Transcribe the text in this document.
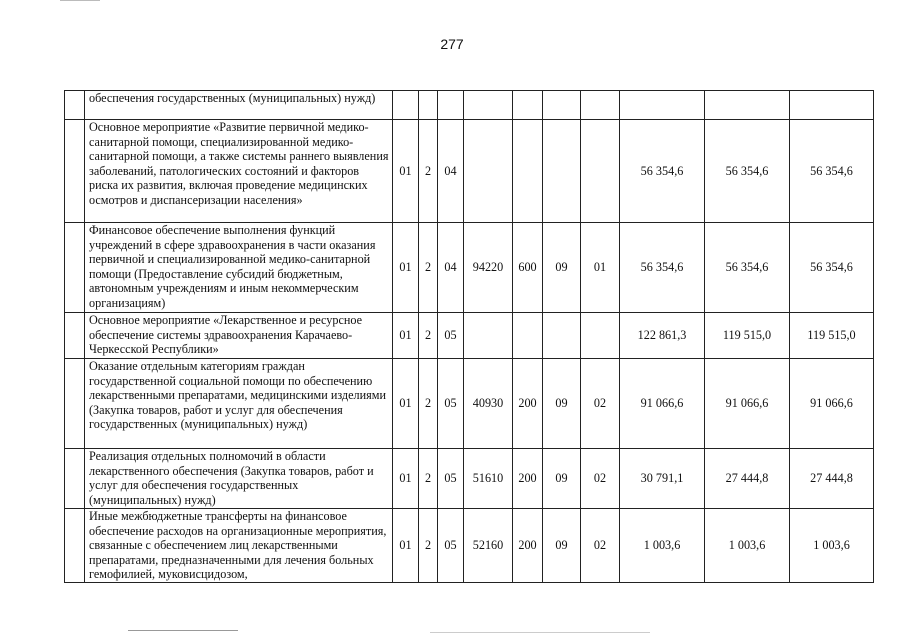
277

	обеспечения государственных (муниципальных) нужд)										

	Основное мероприятие «Развитие первичной медико-санитарной помощи, специализированной медико-санитарной помощи, а также системы раннего выявления заболеваний, патологических состояний и факторов риска их развития, включая проведение медицинских осмотров и диспансеризации населения»	01	2	04					56 354,6	56 354,6	56 354,6

	Финансовое обеспечение выполнения функций учреждений в сфере здравоохранения в части оказания первичной и специализированной медико-санитарной помощи (Предоставление субсидий бюджетным, автономным учреждениям и иным некоммерческим организациям)	01	2	04	94220	600	09	01	56 354,6	56 354,6	56 354,6

	Основное мероприятие «Лекарственное и ресурсное обеспечение системы здравоохранения Карачаево-Черкесской Республики»	01	2	05					122 861,3	119 515,0	119 515,0

	Оказание отдельным категориям граждан государственной социальной помощи по обеспечению лекарственными препаратами, медицинскими изделиями (Закупка товаров, работ и услуг для обеспечения государственных (муниципальных) нужд)	01	2	05	40930	200	09	02	91 066,6	91 066,6	91 066,6

	Реализация отдельных полномочий в области лекарственного обеспечения (Закупка товаров, работ и услуг для обеспечения государственных (муниципальных) нужд)	01	2	05	51610	200	09	02	30 791,1	27 444,8	27 444,8

	Иные межбюджетные трансферты на финансовое обеспечение расходов на организационные мероприятия, связанные с обеспечением лиц лекарственными препаратами, предназначенными для лечения больных гемофилией, муковисцидозом,	01	2	05	52160	200	09	02	1 003,6	1 003,6	1 003,6
